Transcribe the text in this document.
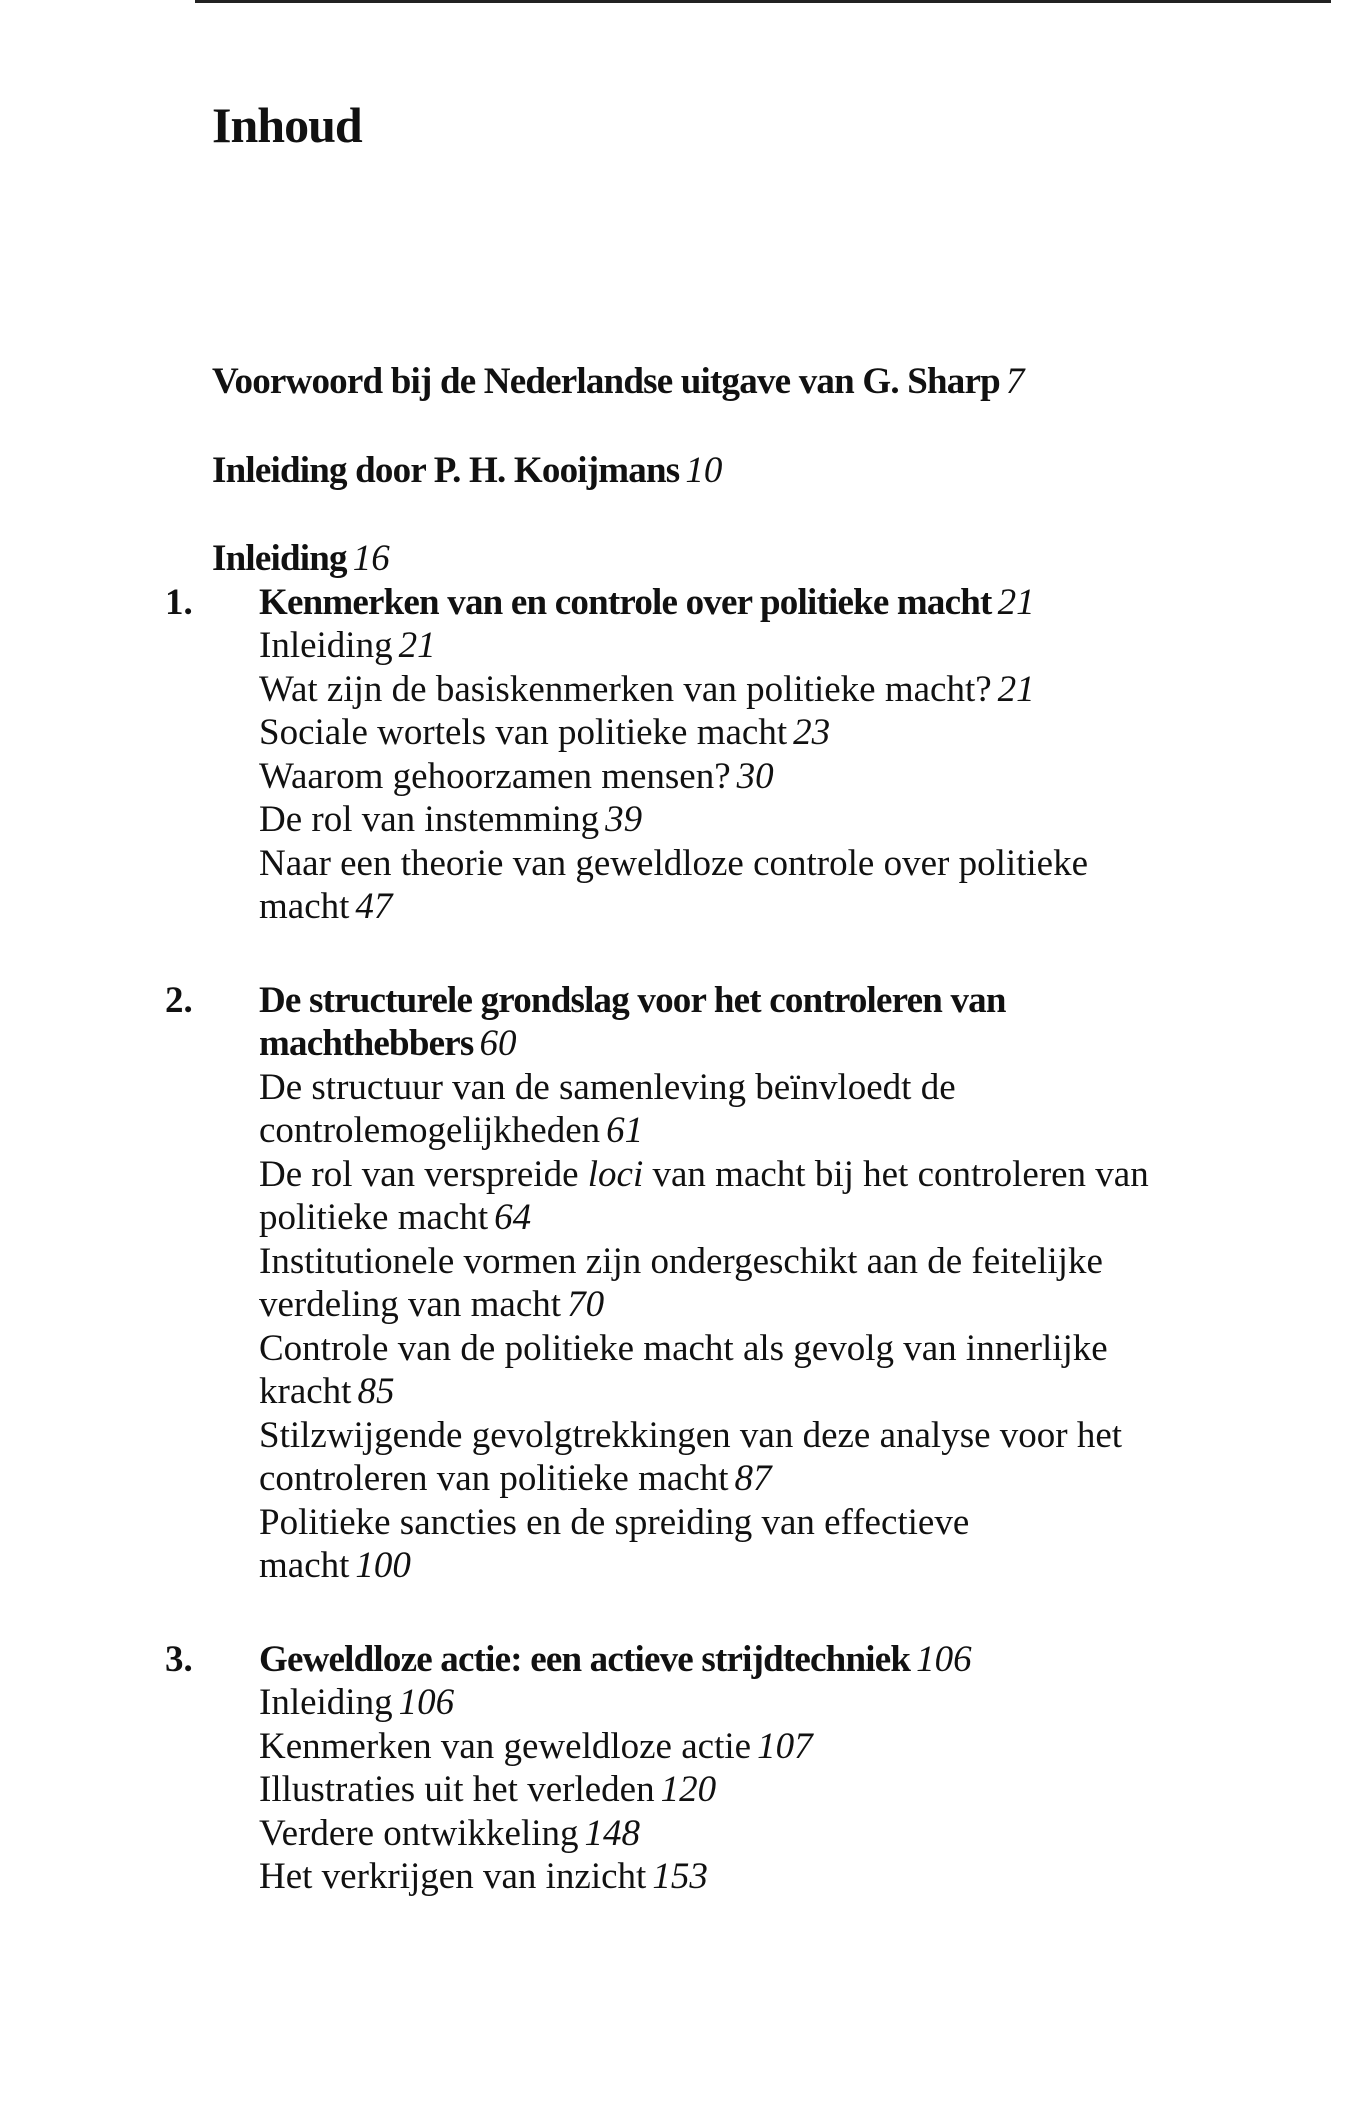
Inhoud
Voorwoord bij de Nederlandse uitgave van G. Sharp 7
Inleiding door P. H. Kooijmans 10
Inleiding 16
1. Kenmerken van en controle over politieke macht 21
Inleiding 21
Wat zijn de basiskenmerken van politieke macht? 21
Sociale wortels van politieke macht 23
Waarom gehoorzamen mensen? 30
De rol van instemming 39
Naar een theorie van geweldloze controle over politieke macht 47
2. De structurele grondslag voor het controleren van machthebbers 60
De structuur van de samenleving beïnvloedt de controlemogelijkheden 61
De rol van verspreide loci van macht bij het controleren van politieke macht 64
Institutionele vormen zijn ondergeschikt aan de feitelijke verdeling van macht 70
Controle van de politieke macht als gevolg van innerlijke kracht 85
Stilzwijgende gevolgtrekkingen van deze analyse voor het controleren van politieke macht 87
Politieke sancties en de spreiding van effectieve macht 100
3. Geweldloze actie: een actieve strijdtechniek 106
Inleiding 106
Kenmerken van geweldloze actie 107
Illustraties uit het verleden 120
Verdere ontwikkeling 148
Het verkrijgen van inzicht 153
